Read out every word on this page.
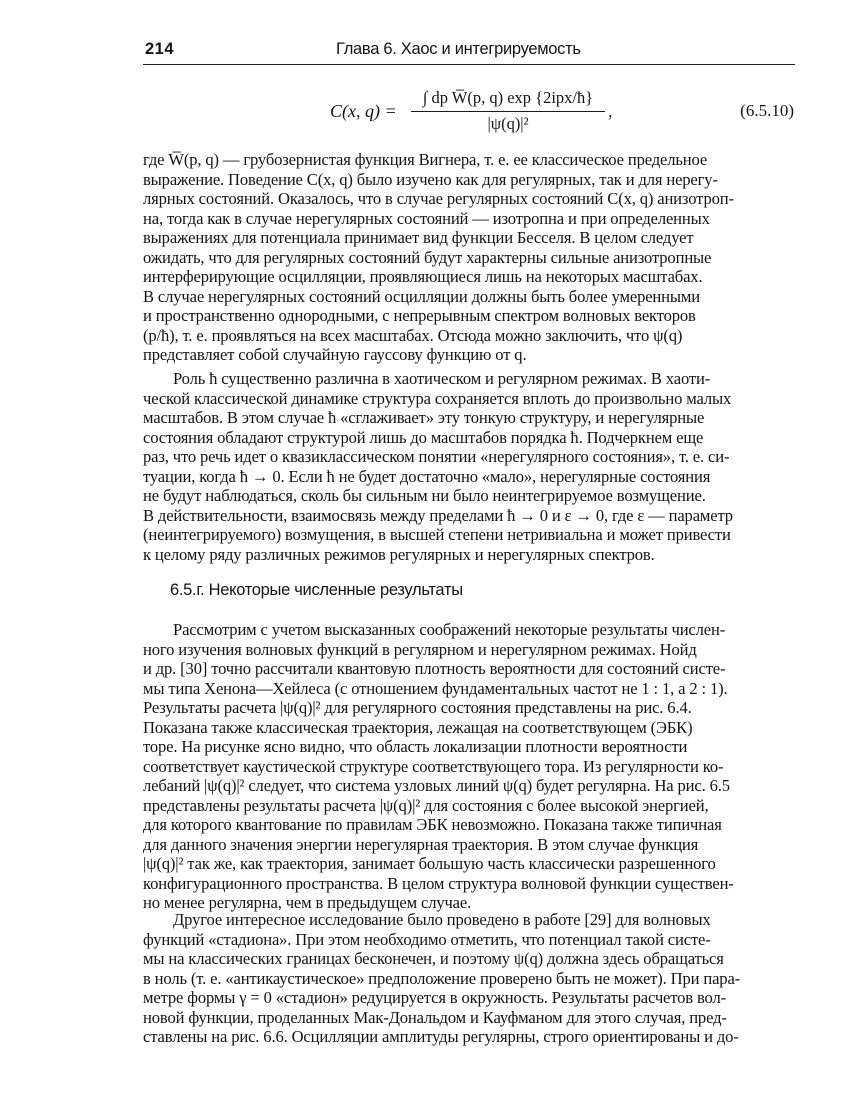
214	Глава 6. Хаос и интегрируемость
C(x, q) =
∫ dp W̅(p, q) exp {2ipx/ħ}
|ψ(q)|²
,	(6.5.10)

где W̅(p, q) — грубозернистая функция Вигнера, т. е. ее классическое предельное
выражение. Поведение C(x, q) было изучено как для регулярных, так и для нерегу-
лярных состояний. Оказалось, что в случае регулярных состояний C(x, q) анизотроп-
на, тогда как в случае нерегулярных состояний — изотропна и при определенных
выражениях для потенциала принимает вид функции Бесселя. В целом следует
ожидать, что для регулярных состояний будут характерны сильные анизотропные
интерферирующие осцилляции, проявляющиеся лишь на некоторых масштабах.
В случае нерегулярных состояний осцилляции должны быть более умеренными
и пространственно однородными, с непрерывным спектром волновых векторов
(p/ħ), т. е. проявляться на всех масштабах. Отсюда можно заключить, что ψ(q)
представляет собой случайную гауссову функцию от q.

Роль ħ существенно различна в хаотическом и регулярном режимах. В хаоти-
ческой классической динамике структура сохраняется вплоть до произвольно малых
масштабов. В этом случае ħ «сглаживает» эту тонкую структуру, и нерегулярные
состояния обладают структурой лишь до масштабов порядка ħ. Подчеркнем еще
раз, что речь идет о квазиклассическом понятии «нерегулярного состояния», т. е. си-
туации, когда ħ → 0. Если ħ не будет достаточно «мало», нерегулярные состояния
не будут наблюдаться, сколь бы сильным ни было неинтегрируемое возмущение.
В действительности, взаимосвязь между пределами ħ → 0 и ε → 0, где ε — параметр
(неинтегрируемого) возмущения, в высшей степени нетривиальна и может привести
к целому ряду различных режимов регулярных и нерегулярных спектров.

6.5.г. Некоторые численные результаты

Рассмотрим с учетом высказанных соображений некоторые результаты числен-
ного изучения волновых функций в регулярном и нерегулярном режимах. Нойд
и др. [30] точно рассчитали квантовую плотность вероятности для состояний систе-
мы типа Хенона—Хейлеса (с отношением фундаментальных частот не 1 : 1, а 2 : 1).
Результаты расчета |ψ(q)|² для регулярного состояния представлены на рис. 6.4.
Показана также классическая траектория, лежащая на соответствующем (ЭБК)
торе. На рисунке ясно видно, что область локализации плотности вероятности
соответствует каустической структуре соответствующего тора. Из регулярности ко-
лебаний |ψ(q)|² следует, что система узловых линий ψ(q) будет регулярна. На рис. 6.5
представлены результаты расчета |ψ(q)|² для состояния с более высокой энергией,
для которого квантование по правилам ЭБК невозможно. Показана также типичная
для данного значения энергии нерегулярная траектория. В этом случае функция
|ψ(q)|² так же, как траектория, занимает большую часть классически разрешенного
конфигурационного пространства. В целом структура волновой функции существен-
но менее регулярна, чем в предыдущем случае.

Другое интересное исследование было проведено в работе [29] для волновых
функций «стадиона». При этом необходимо отметить, что потенциал такой систе-
мы на классических границах бесконечен, и поэтому ψ(q) должна здесь обращаться
в ноль (т. е. «антикаустическое» предположение проверено быть не может). При пара-
метре формы γ = 0 «стадион» редуцируется в окружность. Результаты расчетов вол-
новой функции, проделанных Мак-Дональдом и Кауфманом для этого случая, пред-
ставлены на рис. 6.6. Осцилляции амплитуды регулярны, строго ориентированы и до-
